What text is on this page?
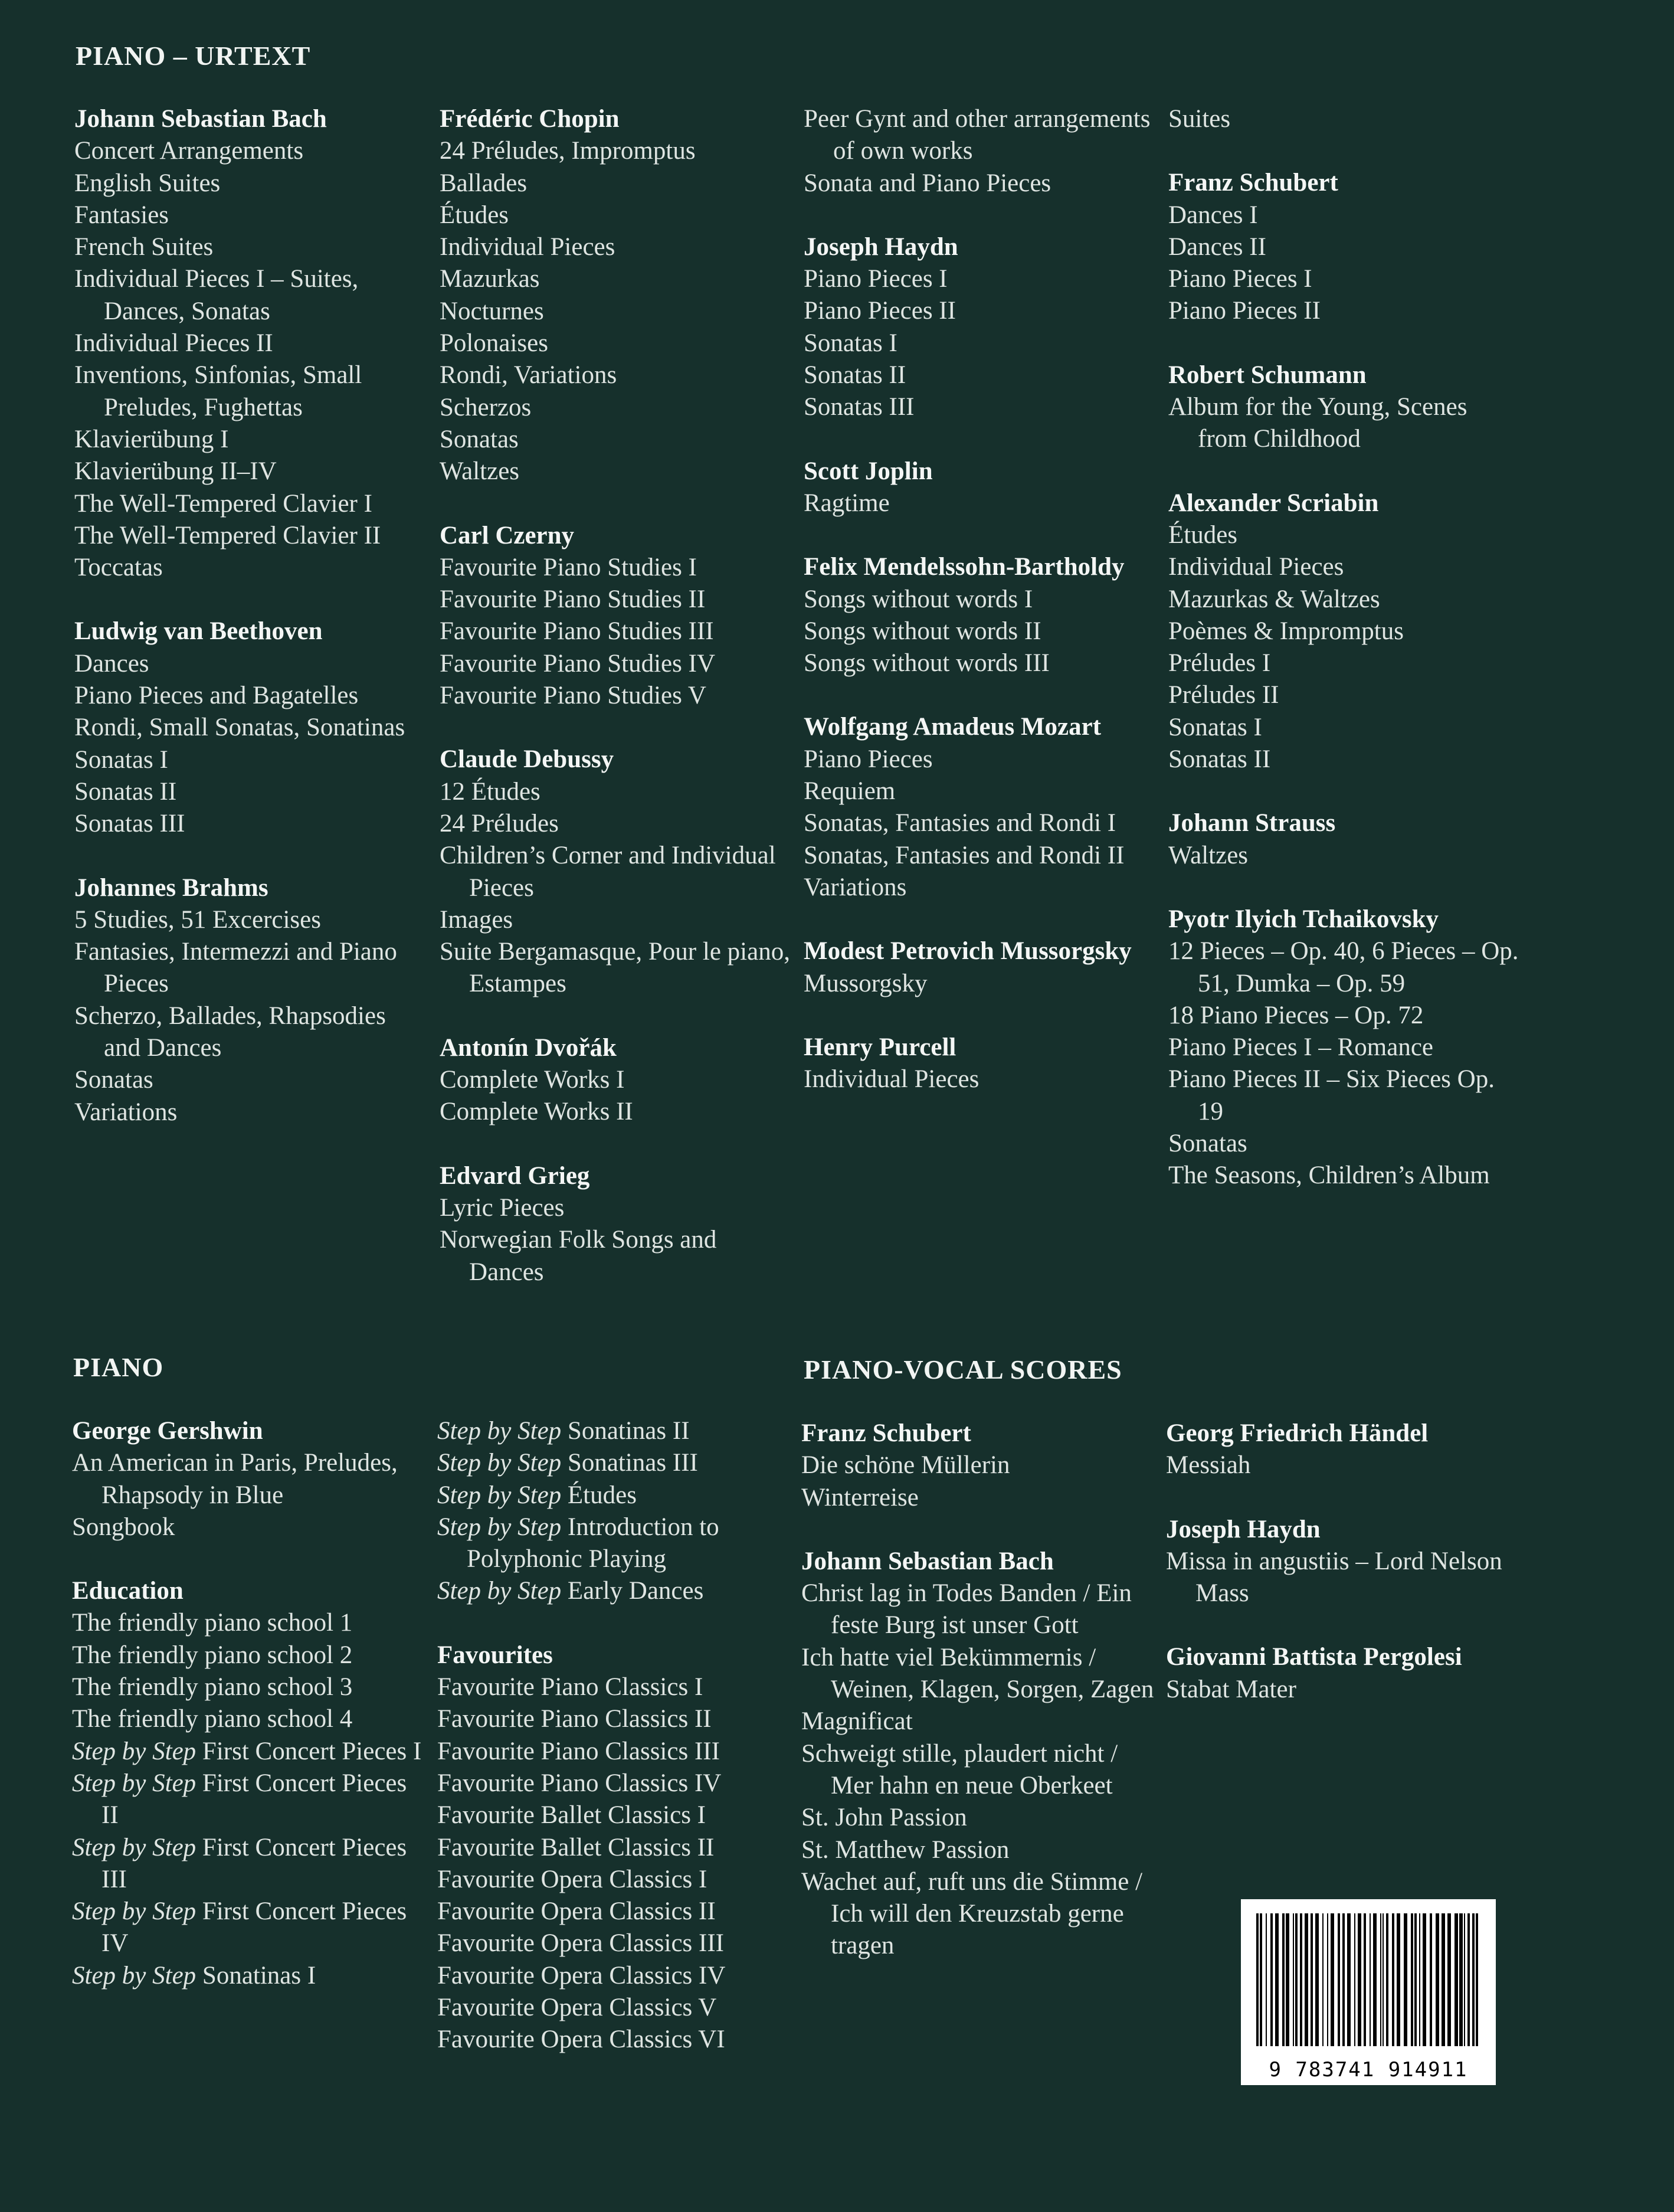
PIANO – URTEXT
Johann Sebastian Bach
Concert Arrangements
English Suites
Fantasies
French Suites
Individual Pieces I – Suites, Dances, Sonatas
Individual Pieces II
Inventions, Sinfonias, Small Preludes, Fughettas
Klavierübung I
Klavierübung II–IV
The Well-Tempered Clavier I
The Well-Tempered Clavier II
Toccatas
Ludwig van Beethoven
Dances
Piano Pieces and Bagatelles
Rondi, Small Sonatas, Sonatinas
Sonatas I
Sonatas II
Sonatas III
Johannes Brahms
5 Studies, 51 Excercises
Fantasies, Intermezzi and Piano Pieces
Scherzo, Ballades, Rhapsodies and Dances
Sonatas
Variations
Frédéric Chopin
24 Préludes, Impromptus
Ballades
Études
Individual Pieces
Mazurkas
Nocturnes
Polonaises
Rondi, Variations
Scherzos
Sonatas
Waltzes
Carl Czerny
Favourite Piano Studies I
Favourite Piano Studies II
Favourite Piano Studies III
Favourite Piano Studies IV
Favourite Piano Studies V
Claude Debussy
12 Études
24 Préludes
Children’s Corner and Individual Pieces
Images
Suite Bergamasque, Pour le piano, Estampes
Antonín Dvořák
Complete Works I
Complete Works II
Edvard Grieg
Lyric Pieces
Norwegian Folk Songs and Dances
Peer Gynt and other arrangements of own works
Sonata and Piano Pieces
Joseph Haydn
Piano Pieces I
Piano Pieces II
Sonatas I
Sonatas II
Sonatas III
Scott Joplin
Ragtime
Felix Mendelssohn-Bartholdy
Songs without words I
Songs without words II
Songs without words III
Wolfgang Amadeus Mozart
Piano Pieces
Requiem
Sonatas, Fantasies and Rondi I
Sonatas, Fantasies and Rondi II
Variations
Modest Petrovich Mussorgsky
Mussorgsky
Henry Purcell
Individual Pieces
Suites
Franz Schubert
Dances I
Dances II
Piano Pieces I
Piano Pieces II
Robert Schumann
Album for the Young, Scenes from Childhood
Alexander Scriabin
Études
Individual Pieces
Mazurkas & Waltzes
Poèmes & Impromptus
Préludes I
Préludes II
Sonatas I
Sonatas II
Johann Strauss
Waltzes
Pyotr Ilyich Tchaikovsky
12 Pieces – Op. 40, 6 Pieces – Op. 51, Dumka – Op. 59
18 Piano Pieces – Op. 72
Piano Pieces I – Romance
Piano Pieces II – Six Pieces Op. 19
Sonatas
The Seasons, Children’s Album
PIANO	PIANO-VOCAL SCORES
George Gershwin
An American in Paris, Preludes, Rhapsody in Blue
Songbook
Education
The friendly piano school 1
The friendly piano school 2
The friendly piano school 3
The friendly piano school 4
Step by Step First Concert Pieces I
Step by Step First Concert Pieces II
Step by Step First Concert Pieces III
Step by Step First Concert Pieces IV
Step by Step Sonatinas I
Step by Step Sonatinas II
Step by Step Sonatinas III
Step by Step Études
Step by Step Introduction to Polyphonic Playing
Step by Step Early Dances
Favourites
Favourite Piano Classics I
Favourite Piano Classics II
Favourite Piano Classics III
Favourite Piano Classics IV
Favourite Ballet Classics I
Favourite Ballet Classics II
Favourite Opera Classics I
Favourite Opera Classics II
Favourite Opera Classics III
Favourite Opera Classics IV
Favourite Opera Classics V
Favourite Opera Classics VI
Franz Schubert
Die schöne Müllerin
Winterreise
Johann Sebastian Bach
Christ lag in Todes Banden / Ein feste Burg ist unser Gott
Ich hatte viel Bekümmernis / Weinen, Klagen, Sorgen, Zagen
Magnificat
Schweigt stille, plaudert nicht / Mer hahn en neue Oberkeet
St. John Passion
St. Matthew Passion
Wachet auf, ruft uns die Stimme / Ich will den Kreuzstab gerne tragen
Georg Friedrich Händel
Messiah
Joseph Haydn
Missa in angustiis – Lord Nelson Mass
Giovanni Battista Pergolesi
Stabat Mater
9 783741 914911
